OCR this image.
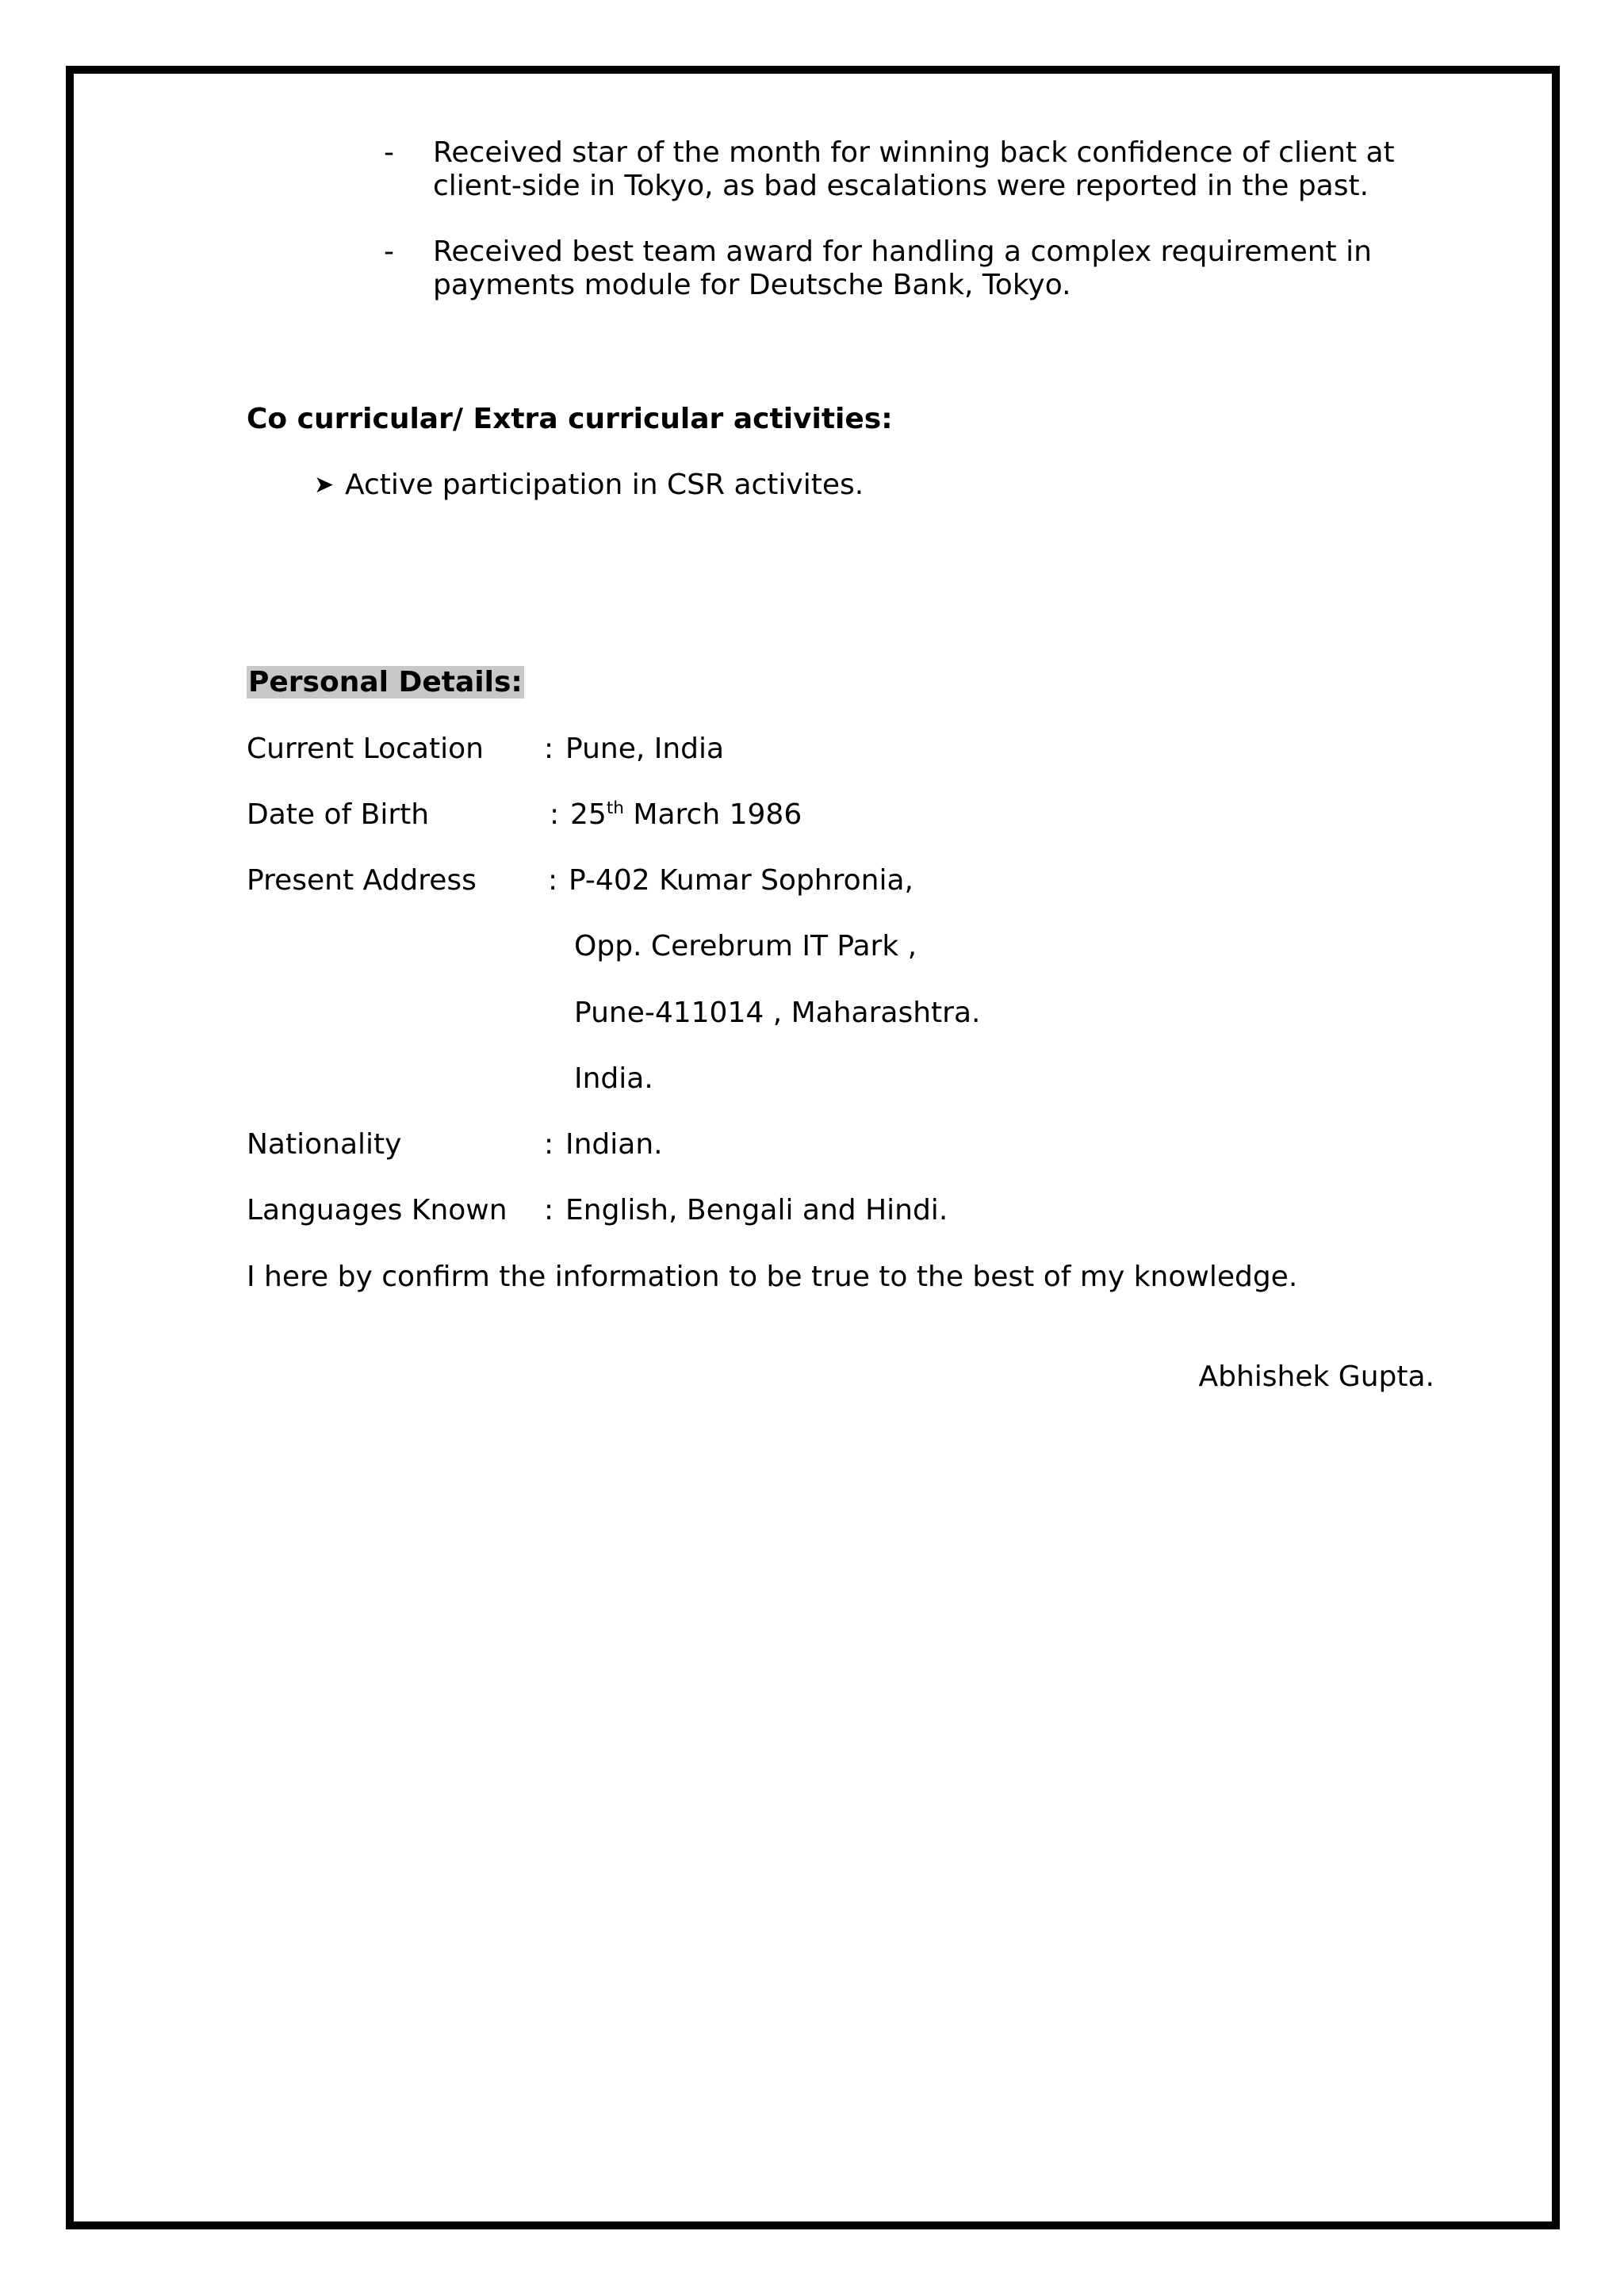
- Received star of the month for winning back confidence of client at client-side in Tokyo, as bad escalations were reported in the past.
- Received best team award for handling a complex requirement in payments module for Deutsche Bank, Tokyo.
Co curricular/ Extra curricular activities:
➤ Active participation in CSR activites.
Personal Details:
Current Location : Pune, India
Date of Birth	: 25th March 1986
Present Address	: P-402 Kumar Sophronia,
Opp. Cerebrum IT Park ,
Pune-411014 , Maharashtra.
India.
Nationality	: Indian.
Languages Known : English, Bengali and Hindi.
I here by confirm the information to be true to the best of my knowledge.
Abhishek Gupta.
